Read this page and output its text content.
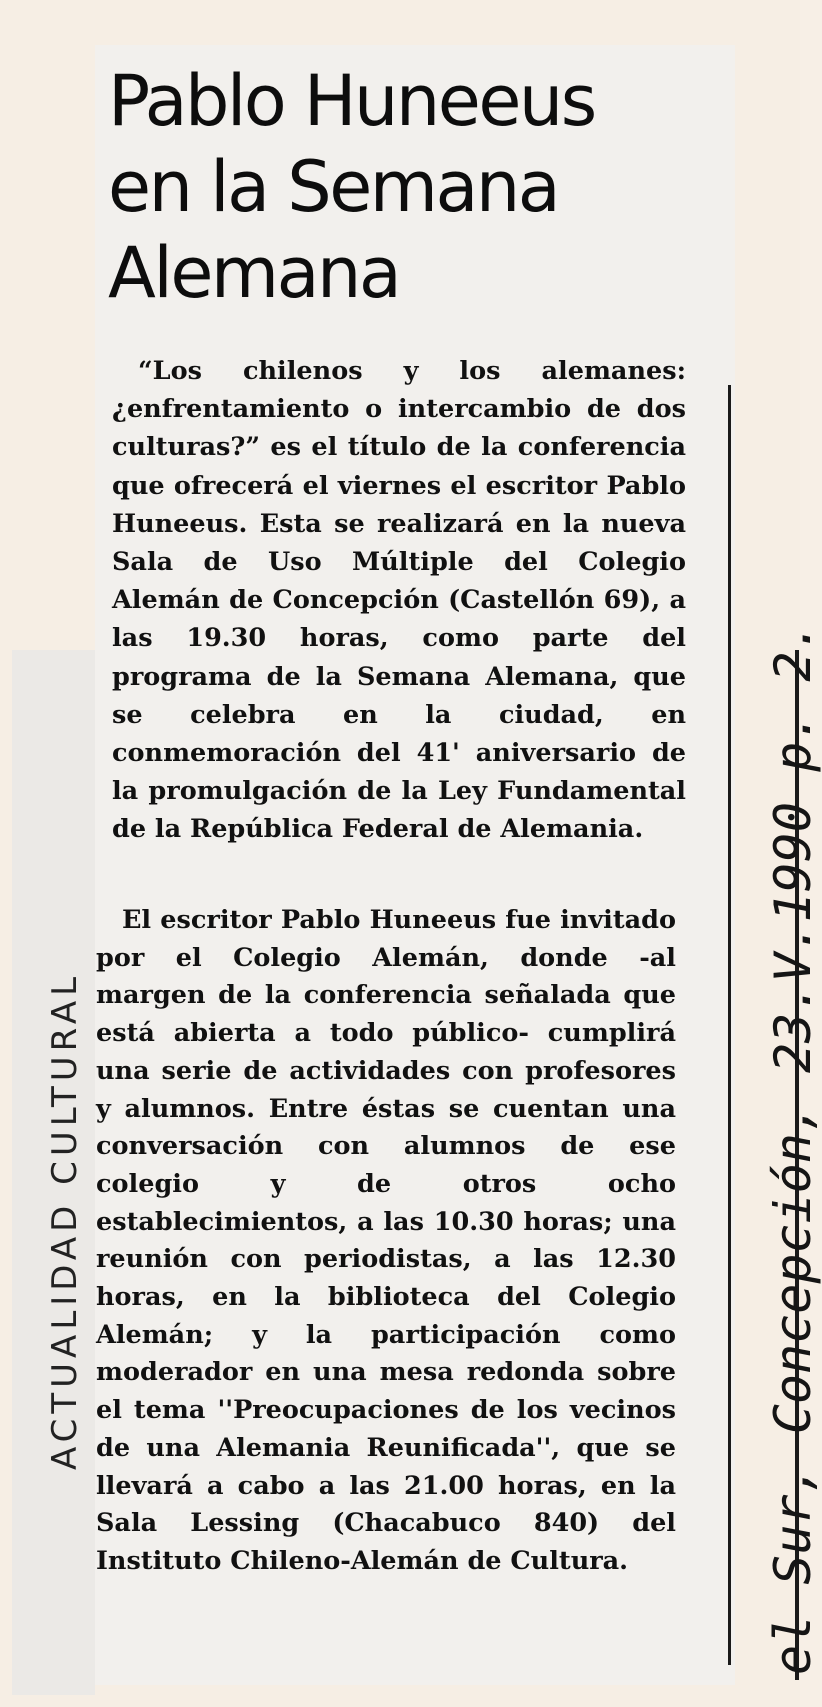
Pablo Huneeus en la Semana Alemana

“Los chilenos y los alemanes: ¿enfrentamiento o intercambio de dos culturas?” es el título de la conferencia que ofrecerá el viernes el escritor Pablo Huneeus. Esta se realizará en la nueva Sala de Uso Múltiple del Colegio Alemán de Concepción (Castellón 69), a las 19.30 horas, como parte del programa de la Semana Alemana, que se celebra en la ciudad, en conmemoración del 41' aniversario de la promulgación de la Ley Fundamental de la República Federal de Alemania.

El escritor Pablo Huneeus fue invitado por el Colegio Alemán, donde -al margen de la conferencia señalada que está abierta a todo público- cumplirá una serie de actividades con profesores y alumnos. Entre éstas se cuentan una conversación con alumnos de ese colegio y de otros ocho establecimientos, a las 10.30 horas; una reunión con periodistas, a las 12.30 horas, en la biblioteca del Colegio Alemán; y la participación como moderador en una mesa redonda sobre el tema ''Preocupaciones de los vecinos de una Alemania Reunificada'', que se llevará a cabo a las 21.00 horas, en la Sala Lessing (Chacabuco 840) del Instituto Chileno-Alemán de Cultura.	el Sur, Concepción, 23.V.1990 p. 2.
ACTUALIDAD CULTURAL
